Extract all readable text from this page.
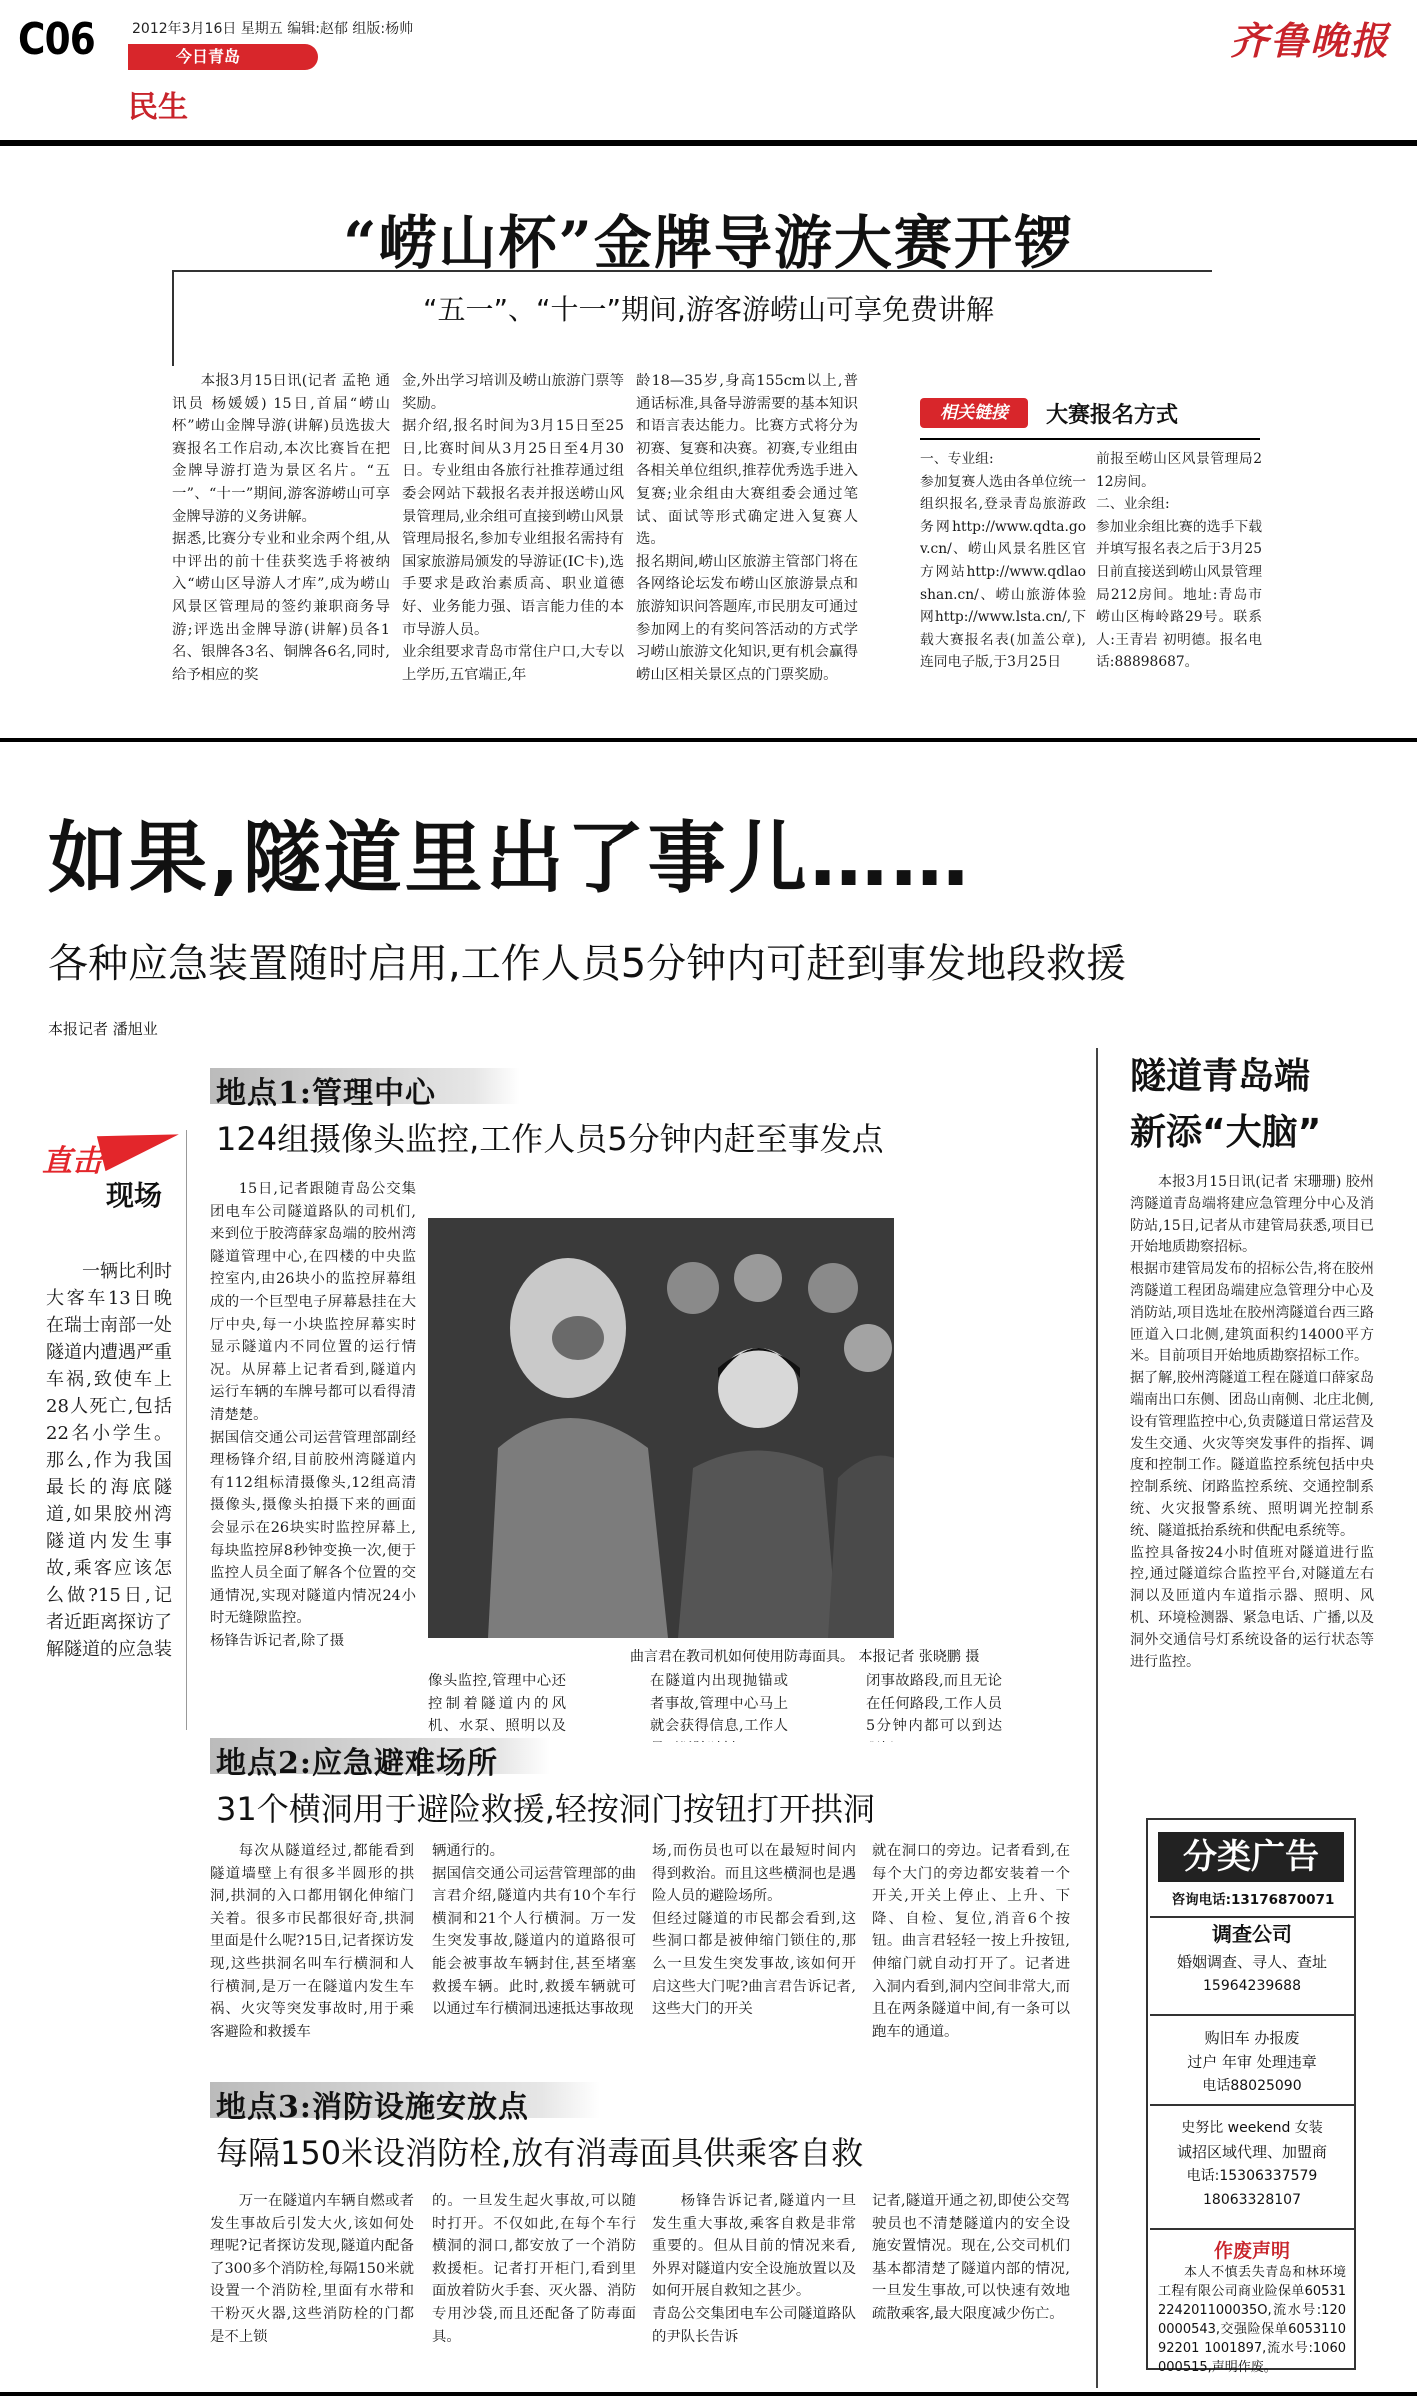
C06	2012年3月16日 星期五 编辑:赵郁 组版:杨帅
今日青岛
民生
齐鲁晚报
“崂山杯”金牌导游大赛开锣
“五一”、“十一”期间,游客游崂山可享免费讲解
本报3月15日讯(记者 孟艳 通讯员 杨媛媛) 15日,首届“崂山杯”崂山金牌导游(讲解)员选拔大赛报名工作启动,本次比赛旨在把金牌导游打造为景区名片。“五一”、“十一”期间,游客游崂山可享金牌导游的义务讲解。
据悉,比赛分专业和业余两个组,从中评出的前十佳获奖选手将被纳入“崂山区导游人才库”,成为崂山风景区管理局的签约兼职商务导游;评选出金牌导游(讲解)员各1名、银牌各3名、铜牌各6名,同时,给予相应的奖
金,外出学习培训及崂山旅游门票等奖励。
据介绍,报名时间为3月15日至25日,比赛时间从3月25日至4月30日。专业组由各旅行社推荐通过组委会网站下载报名表并报送崂山风景管理局,业余组可直接到崂山风景管理局报名,参加专业组报名需持有国家旅游局颁发的导游证(IC卡),选手要求是政治素质高、职业道德好、业务能力强、语言能力佳的本市导游人员。
业余组要求青岛市常住户口,大专以上学历,五官端正,年
龄18—35岁,身高155cm以上,普通话标准,具备导游需要的基本知识和语言表达能力。比赛方式将分为初赛、复赛和决赛。初赛,专业组由各相关单位组织,推荐优秀选手进入复赛;业余组由大赛组委会通过笔试、面试等形式确定进入复赛人选。
报名期间,崂山区旅游主管部门将在各网络论坛发布崂山区旅游景点和旅游知识问答题库,市民朋友可通过参加网上的有奖问答活动的方式学习崂山旅游文化知识,更有机会赢得崂山区相关景区点的门票奖励。
相关链接	大赛报名方式
一、专业组:
参加复赛人选由各单位统一组织报名,登录青岛旅游政务网http://www.qdta.gov.cn/、崂山风景名胜区官方网站http://www.qdlaoshan.cn/、崂山旅游体验网http://www.lsta.cn/,下载大赛报名表(加盖公章),连同电子版,于3月25日
前报至崂山区风景管理局212房间。
二、业余组:
参加业余组比赛的选手下载并填写报名表之后于3月25日前直接送到崂山风景管理局212房间。地址:青岛市崂山区梅岭路29号。联系人:王青岩 初明德。报名电话:88898687。
如果,隧道里出了事儿……
各种应急装置随时启用,工作人员5分钟内可赶到事发地段救援
本报记者 潘旭业
直击
现场
一辆比利时大客车13日晚在瑞士南部一处隧道内遭遇严重车祸,致使车上28人死亡,包括22名小学生。那么,作为我国最长的海底隧道,如果胶州湾隧道内发生事故,乘客应该怎么做?15日,记者近距离探访了解隧道的应急装
地点1:管理中心
124组摄像头监控,工作人员5分钟内赶至事发点
15日,记者跟随青岛公交集团电车公司隧道路队的司机们,来到位于胶湾薛家岛端的胶州湾隧道管理中心,在四楼的中央监控室内,由26块小的监控屏幕组成的一个巨型电子屏幕悬挂在大厅中央,每一小块监控屏幕实时显示隧道内不同位置的运行情况。从屏幕上记者看到,隧道内运行车辆的车牌号都可以看得清清楚楚。
据国信交通公司运营管理部副经理杨锋介绍,目前胶州湾隧道内有112组标清摄像头,12组高清摄像头,摄像头拍摄下来的画面会显示在26块实时监控屏幕上,每块监控屏8秒钟变换一次,便于监控人员全面了解各个位置的交通情况,实现对隧道内情况24小时无缝隙监控。
杨锋告诉记者,除了摄
曲言君在教司机如何使用防毒面具。 本报记者 张晓鹏 摄
像头监控,管理中心还控制着隧道内的风机、水泵、照明以及
在隧道内出现抛锚或者事故,管理中心马上就会获得信息,工作人
闭事故路段,而且无论在任何路段,工作人员5分钟内都可以到达
地点2:应急避难场所
31个横洞用于避险救援,轻按洞门按钮打开拱洞
每次从隧道经过,都能看到隧道墙壁上有很多半圆形的拱洞,拱洞的入口都用钢化伸缩门关着。很多市民都很好奇,拱洞里面是什么呢?15日,记者探访发现,这些拱洞名叫车行横洞和人行横洞,是万一在隧道内发生车祸、火灾等突发事故时,用于乘客避险和救援车
辆通行的。
据国信交通公司运营管理部的曲言君介绍,隧道内共有10个车行横洞和21个人行横洞。万一发生突发事故,隧道内的道路很可能会被事故车辆封住,甚至堵塞救援车辆。此时,救援车辆就可以通过车行横洞迅速抵达事故现
场,而伤员也可以在最短时间内得到救治。而且这些横洞也是遇险人员的避险场所。
但经过隧道的市民都会看到,这些洞口都是被伸缩门锁住的,那么一旦发生突发事故,该如何开启这些大门呢?曲言君告诉记者,这些大门的开关
就在洞口的旁边。记者看到,在每个大门的旁边都安装着一个开关,开关上停止、上升、下降、自检、复位,消音6个按钮。曲言君轻轻一按上升按钮,伸缩门就自动打开了。记者进入洞内看到,洞内空间非常大,而且在两条隧道中间,有一条可以跑车的通道。
地点3:消防设施安放点
每隔150米设消防栓,放有消毒面具供乘客自救
万一在隧道内车辆自燃或者发生事故后引发大火,该如何处理呢?记者探访发现,隧道内配备了300多个消防栓,每隔150米就设置一个消防栓,里面有水带和干粉灭火器,这些消防栓的门都是不上锁
的。一旦发生起火事故,可以随时打开。不仅如此,在每个车行横洞的洞口,都安放了一个消防救援柜。记者打开柜门,看到里面放着防火手套、灭火器、消防专用沙袋,而且还配备了防毒面具。
杨锋告诉记者,隧道内一旦发生重大事故,乘客自救是非常重要的。但从目前的情况来看,外界对隧道内安全设施放置以及如何开展自救知之甚少。
青岛公交集团电车公司隧道路队的尹队长告诉
记者,隧道开通之初,即使公交驾驶员也不清楚隧道内的安全设施安置情况。现在,公交司机们基本都清楚了隧道内部的情况,一旦发生事故,可以快速有效地疏散乘客,最大限度减少伤亡。
隧道青岛端
新添“大脑”
本报3月15日讯(记者 宋珊珊) 胶州湾隧道青岛端将建应急管理分中心及消防站,15日,记者从市建管局获悉,项目已开始地质勘察招标。
根据市建管局发布的招标公告,将在胶州湾隧道工程团岛端建应急管理分中心及消防站,项目选址在胶州湾隧道台西三路匝道入口北侧,建筑面积约14000平方米。目前项目开始地质勘察招标工作。
据了解,胶州湾隧道工程在隧道口薛家岛端南出口东侧、团岛山南侧、北庄北侧,设有管理监控中心,负责隧道日常运营及发生交通、火灾等突发事件的指挥、调度和控制工作。隧道监控系统包括中央控制系统、闭路监控系统、交通控制系统、火灾报警系统、照明调光控制系统、隧道抵抬系统和供配电系统等。
监控具备按24小时值班对隧道进行监控,通过隧道综合监控平台,对隧道左右洞以及匝道内车道指示器、照明、风机、环境检测器、紧急电话、广播,以及洞外交通信号灯系统设备的运行状态等进行监控。
分类广告
咨询电话:13176870071
调查公司
婚姻调查、寻人、查址
15964239688
购旧车 办报废
过户 年审 处理违章
电话88025090
史努比 weekend 女装
诚招区域代理、加盟商
电话:15306337579
18063328107
作废声明
本人不慎丢失青岛和林环境工程有限公司商业险保单60531224201100035O,流水号:1200000543,交强险保单605311092201 1001897,流水号:1060000515,声明作废。
